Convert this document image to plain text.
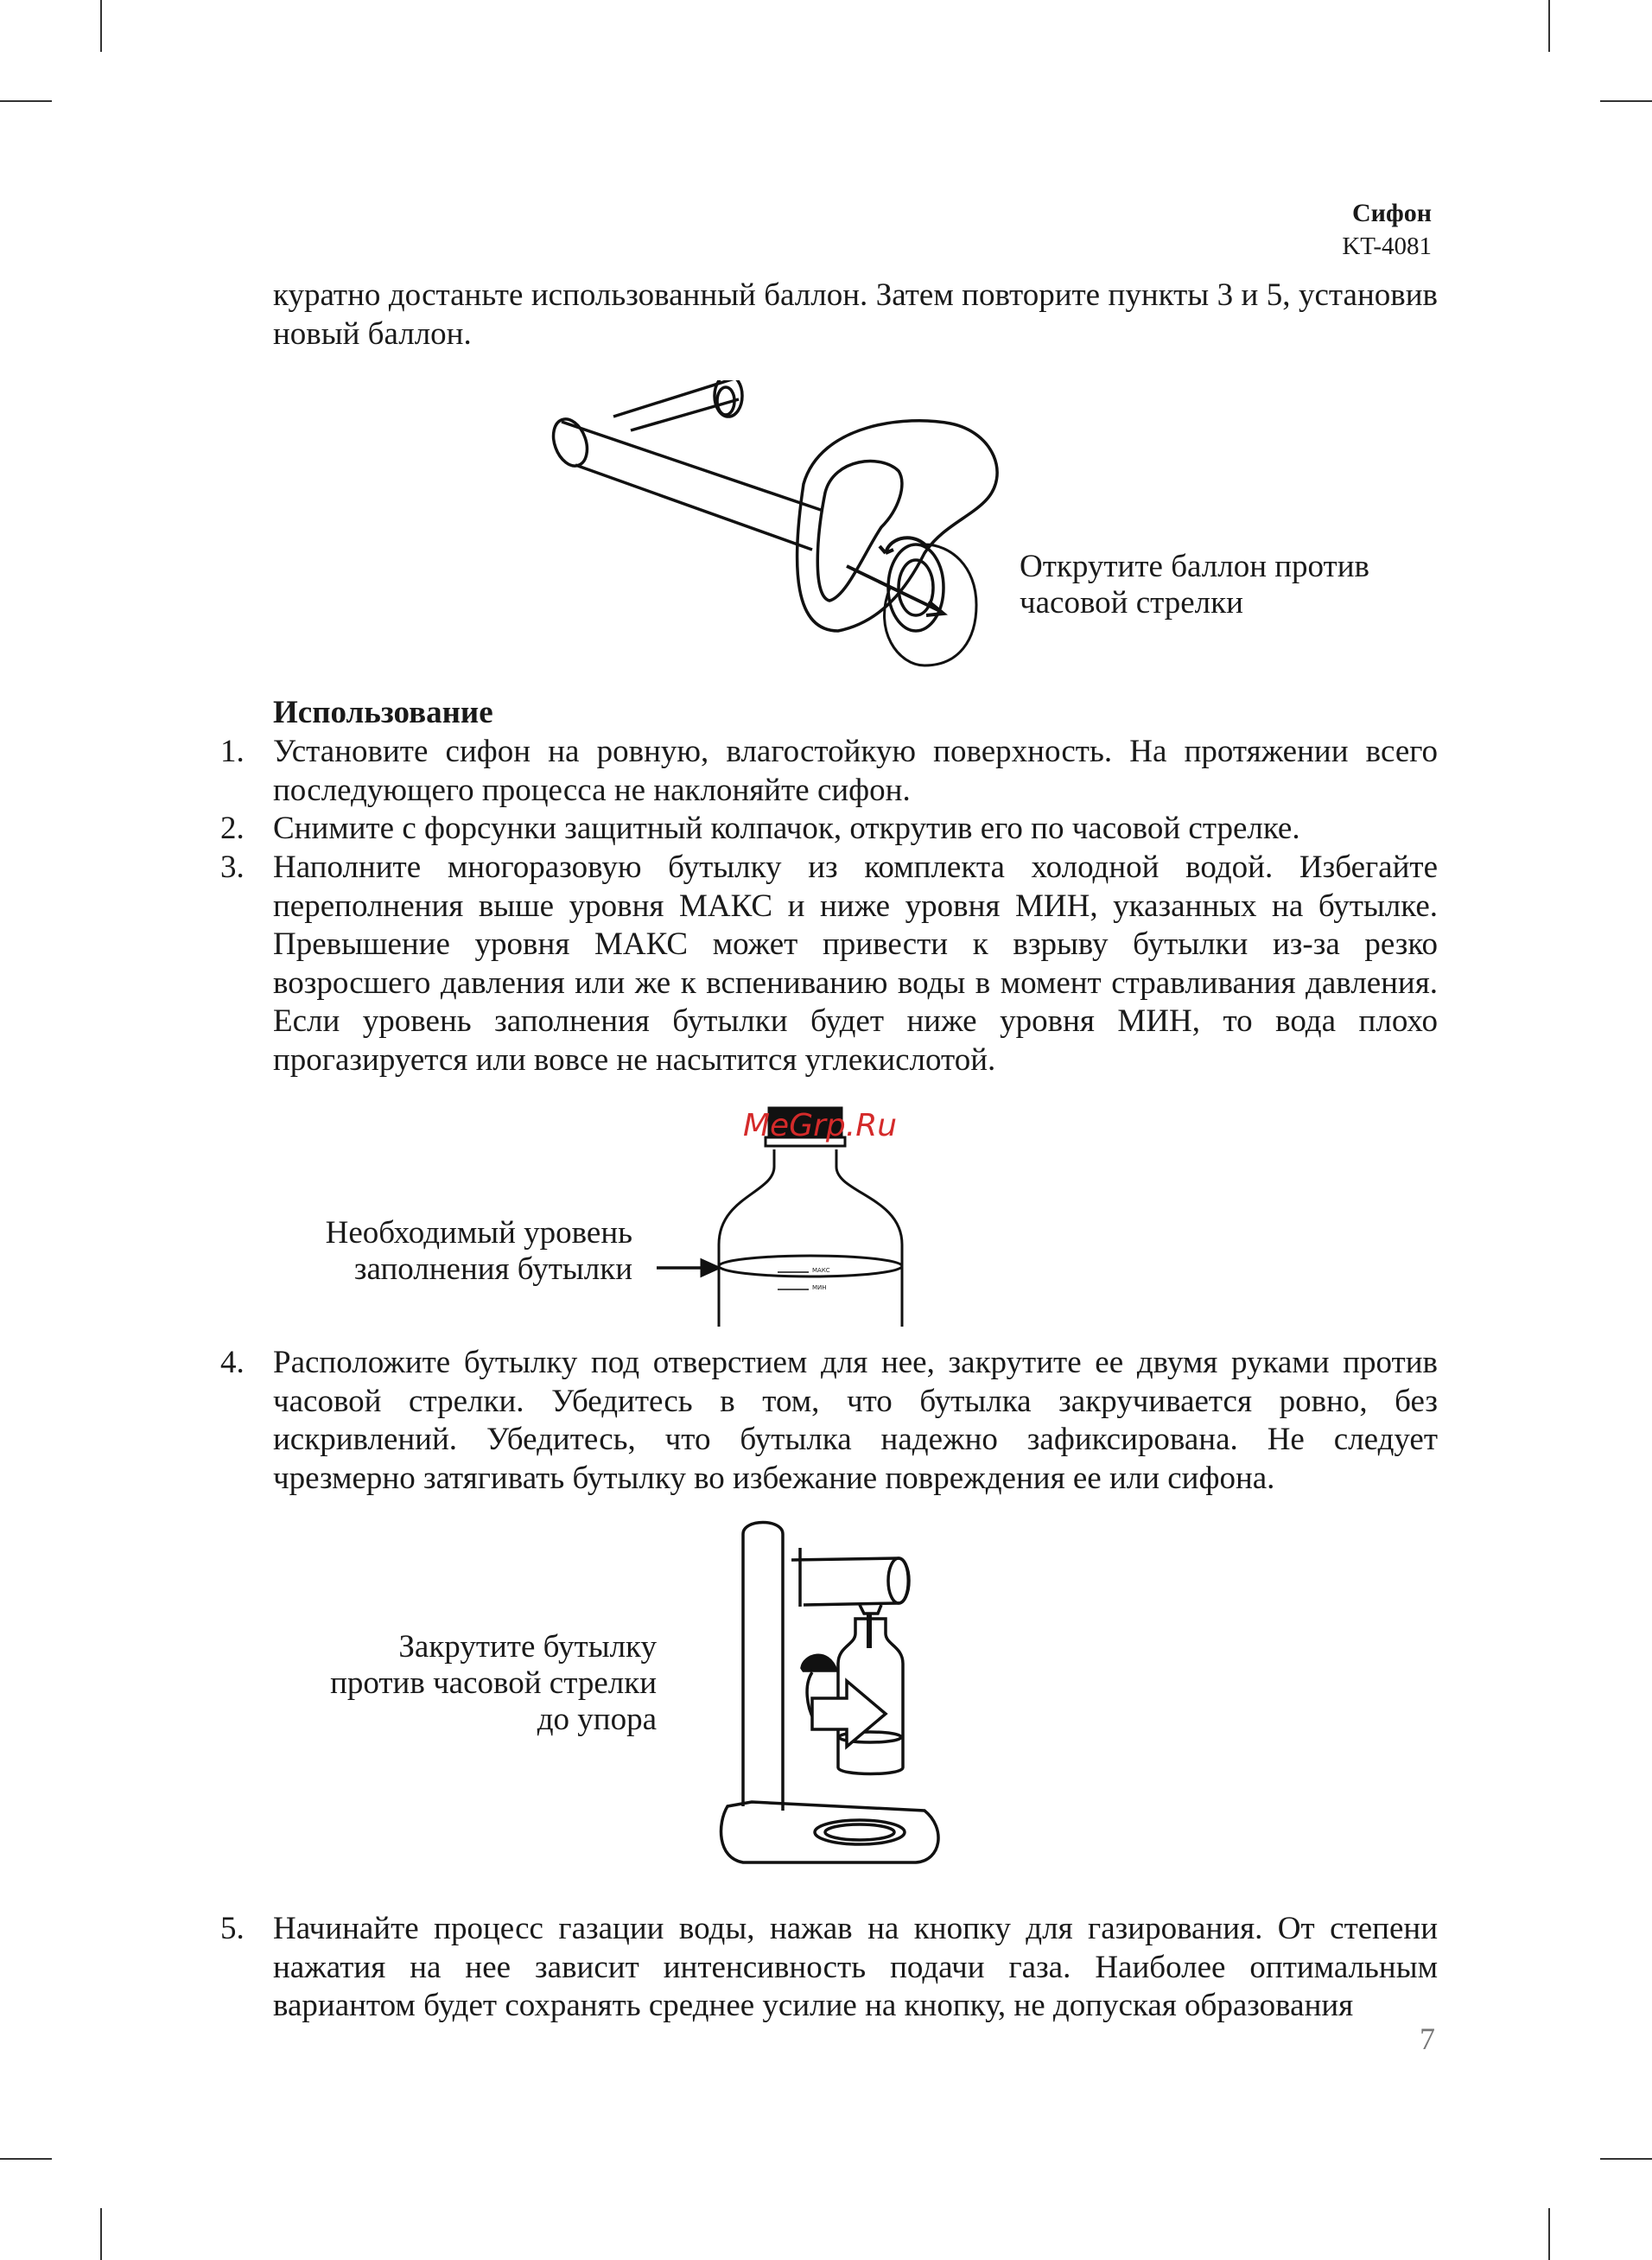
Сифон
KT-4081
куратно достаньте использованный баллон. Затем повторите пункты 3 и 5, установив новый баллон.
Открутите баллон против часовой стрелки
Использование
1. Установите сифон на ровную, влагостойкую поверхность. На протяжении всего последующего процесса не наклоняйте сифон.
2. Снимите с форсунки защитный колпачок, открутив его по часовой стрелке.
3. Наполните многоразовую бутылку из комплекта холодной водой. Избегайте переполнения выше уровня МАКС и ниже уровня МИН, указанных на бутылке. Превышение уровня МАКС может привести к взрыву бутылки из-за резко возросшего давления или же к вспениванию воды в момент стравливания давления. Если уровень заполнения бутылки будет ниже уровня МИН, то вода плохо прогазируется или вовсе не насытится углекислотой.
Необходимый уровень заполнения бутылки	МАКС
МИН
MeGrp.Ru
4. Расположите бутылку под отверстием для нее, закрутите ее двумя руками против часовой стрелки. Убедитесь в том, что бутылка закручивается ровно, без искривлений. Убедитесь, что бутылка надежно зафиксирована. Не следует чрезмерно затягивать бутылку во избежание повреждения ее или сифона.
Закрутите бутылку против часовой стрелки до упора
5. Начинайте процесс газации воды, нажав на кнопку для газирования. От степени нажатия на нее зависит интенсивность подачи газа. Наиболее оптимальным вариантом будет сохранять среднее усилие на кнопку, не допуская образования
7
